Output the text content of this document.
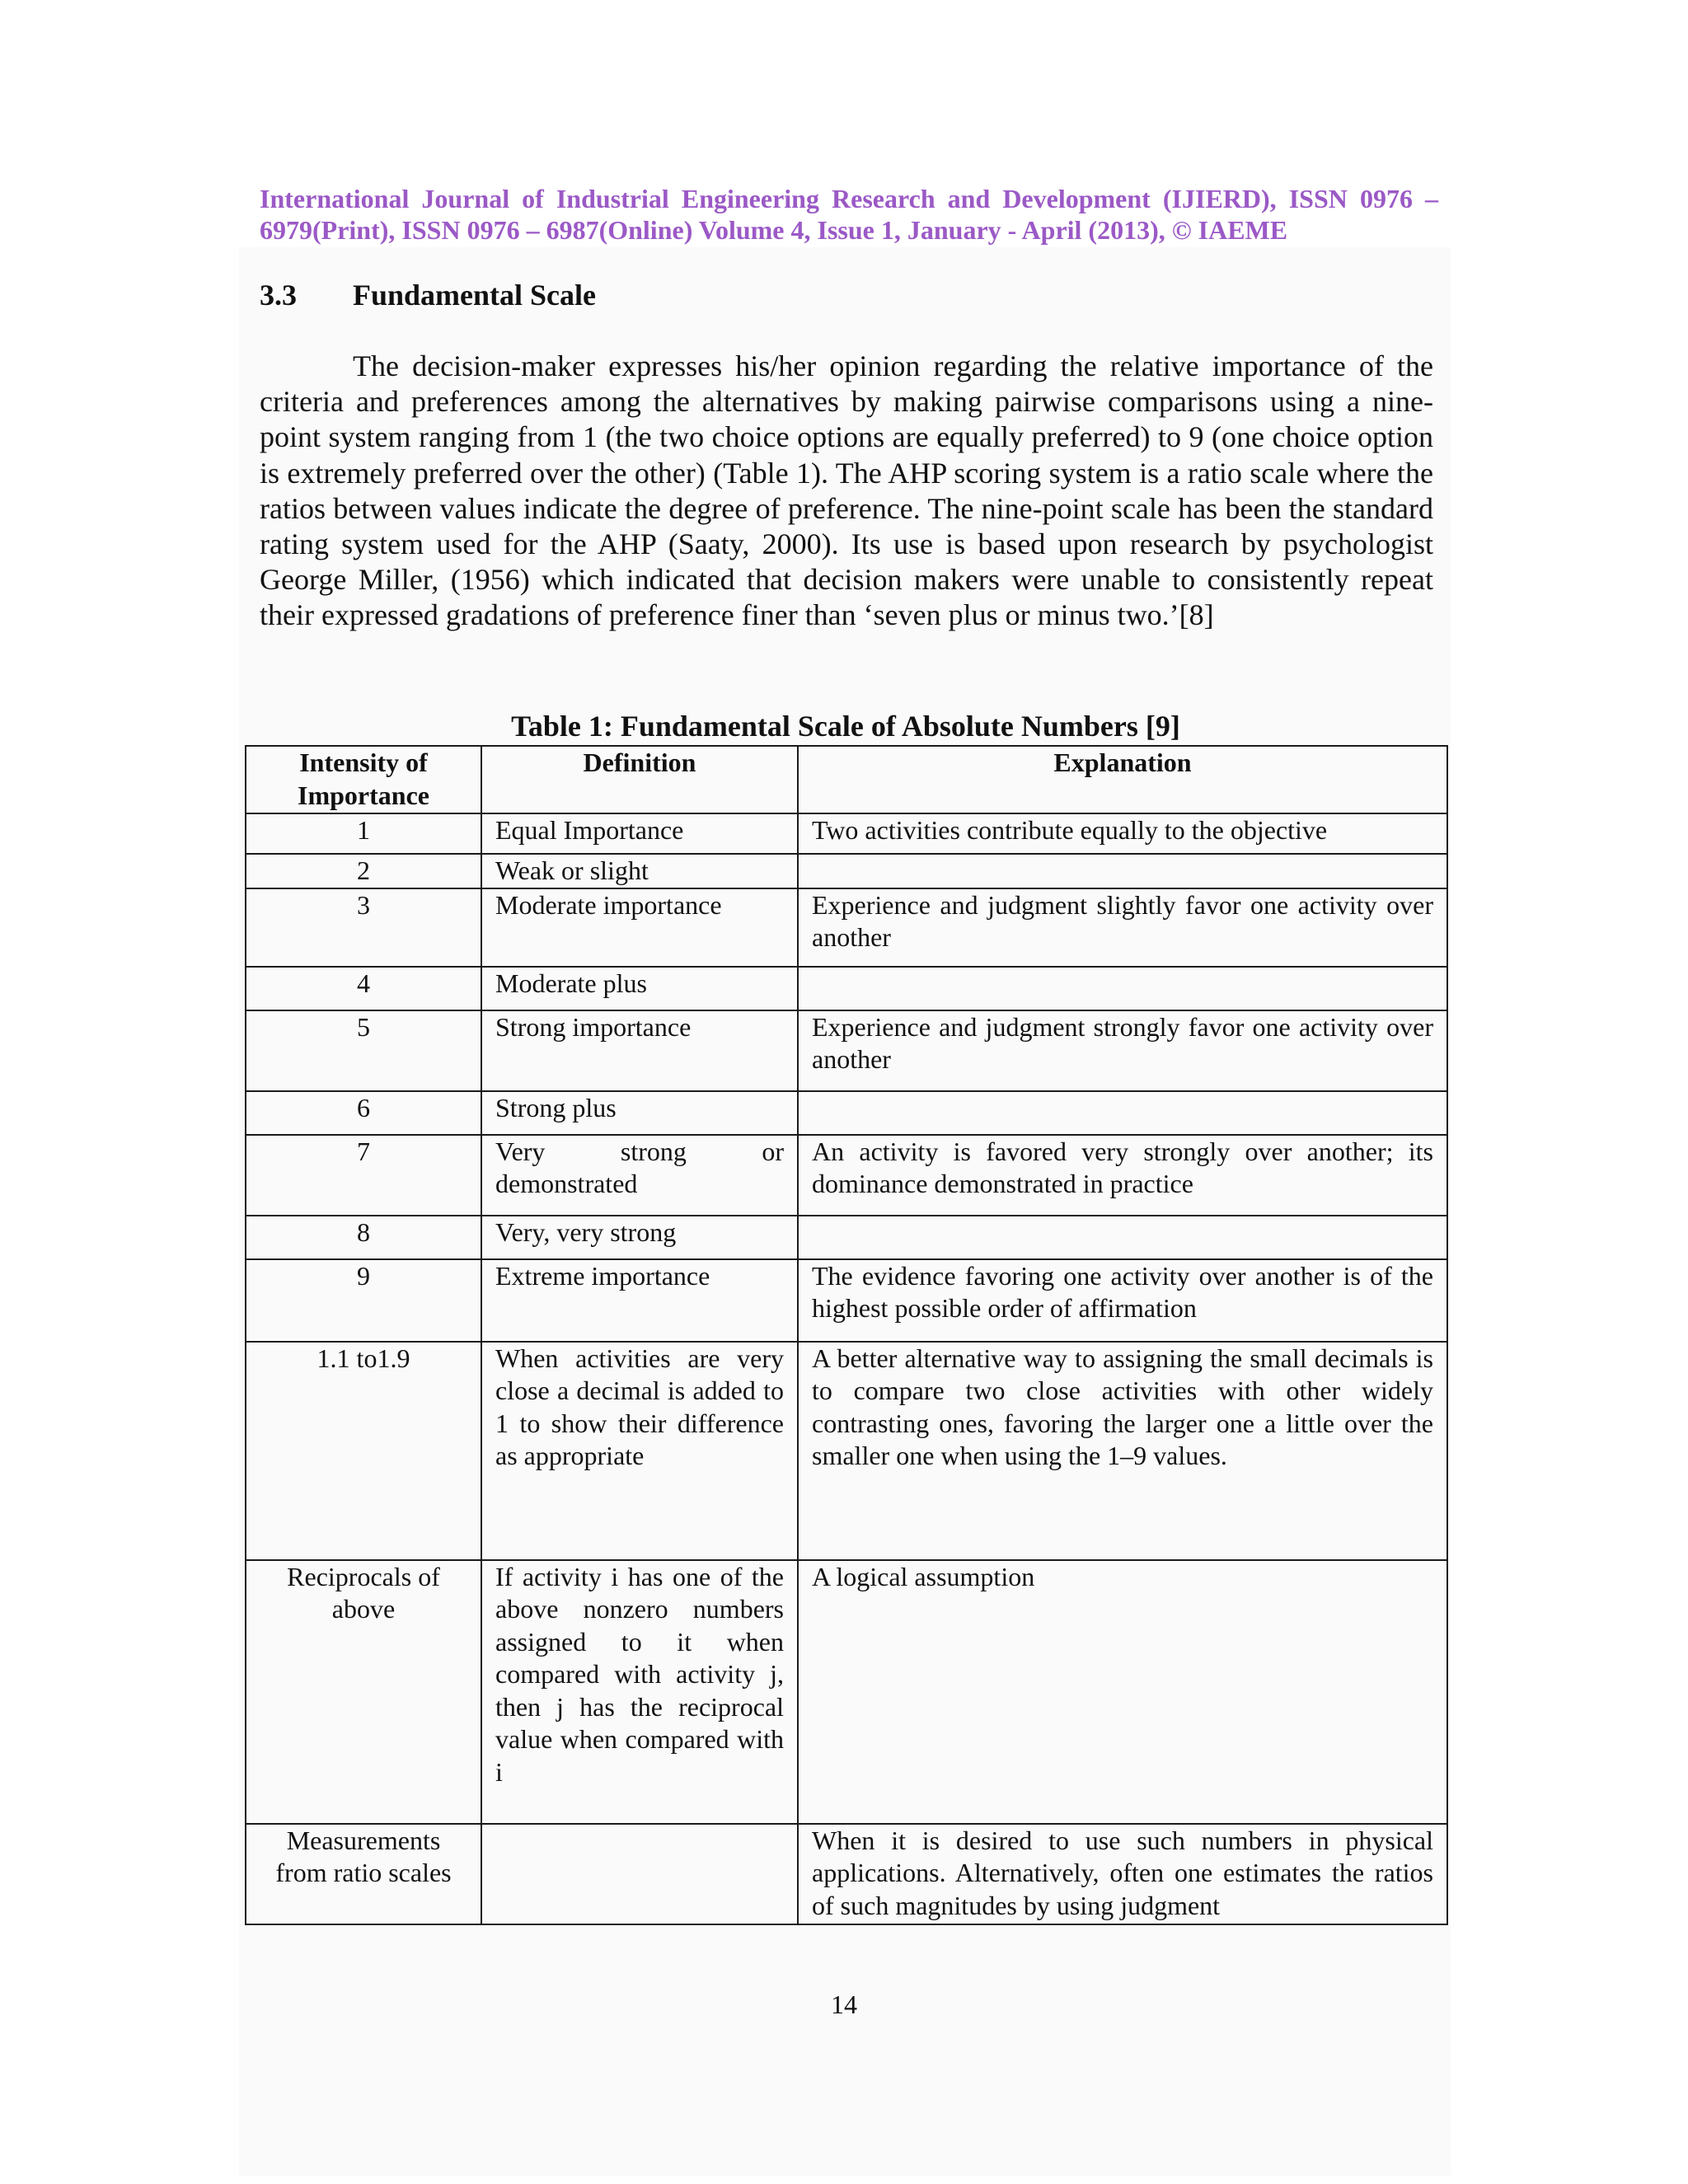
International Journal of Industrial Engineering Research and Development (IJIERD), ISSN 0976 – 6979(Print), ISSN 0976 – 6987(Online) Volume 4, Issue 1, January - April (2013), © IAEME
3.3 Fundamental Scale

The decision-maker expresses his/her opinion regarding the relative importance of the criteria and preferences among the alternatives by making pairwise comparisons using a nine-point system ranging from 1 (the two choice options are equally preferred) to 9 (one choice option is extremely preferred over the other) (Table 1). The AHP scoring system is a ratio scale where the ratios between values indicate the degree of preference. The nine-point scale has been the standard rating system used for the AHP (Saaty, 2000). Its use is based upon research by psychologist George Miller, (1956) which indicated that decision makers were unable to consistently repeat their expressed gradations of preference finer than ‘seven plus or minus two.’[8]

Table 1: Fundamental Scale of Absolute Numbers [9]
Intensity of Importance	Definition	Explanation
1	Equal Importance	Two activities contribute equally to the objective
2	Weak or slight	
3	Moderate importance	Experience and judgment slightly favor one activity over another
4	Moderate plus	
5	Strong importance	Experience and judgment strongly favor one activity over another
6	Strong plus	
7	Very strong or demonstrated	An activity is favored very strongly over another; its dominance demonstrated in practice
8	Very, very strong	
9	Extreme importance	The evidence favoring one activity over another is of the highest possible order of affirmation
1.1 to1.9	When activities are very close a decimal is added to 1 to show their difference as appropriate	A better alternative way to assigning the small decimals is to compare two close activities with other widely contrasting ones, favoring the larger one a little over the smaller one when using the 1–9 values.
Reciprocals of above	If activity i has one of the above nonzero numbers assigned to it when compared with activity j, then j has the reciprocal value when compared with i	A logical assumption
Measurements from ratio scales		When it is desired to use such numbers in physical applications. Alternatively, often one estimates the ratios of such magnitudes by using judgment
14
